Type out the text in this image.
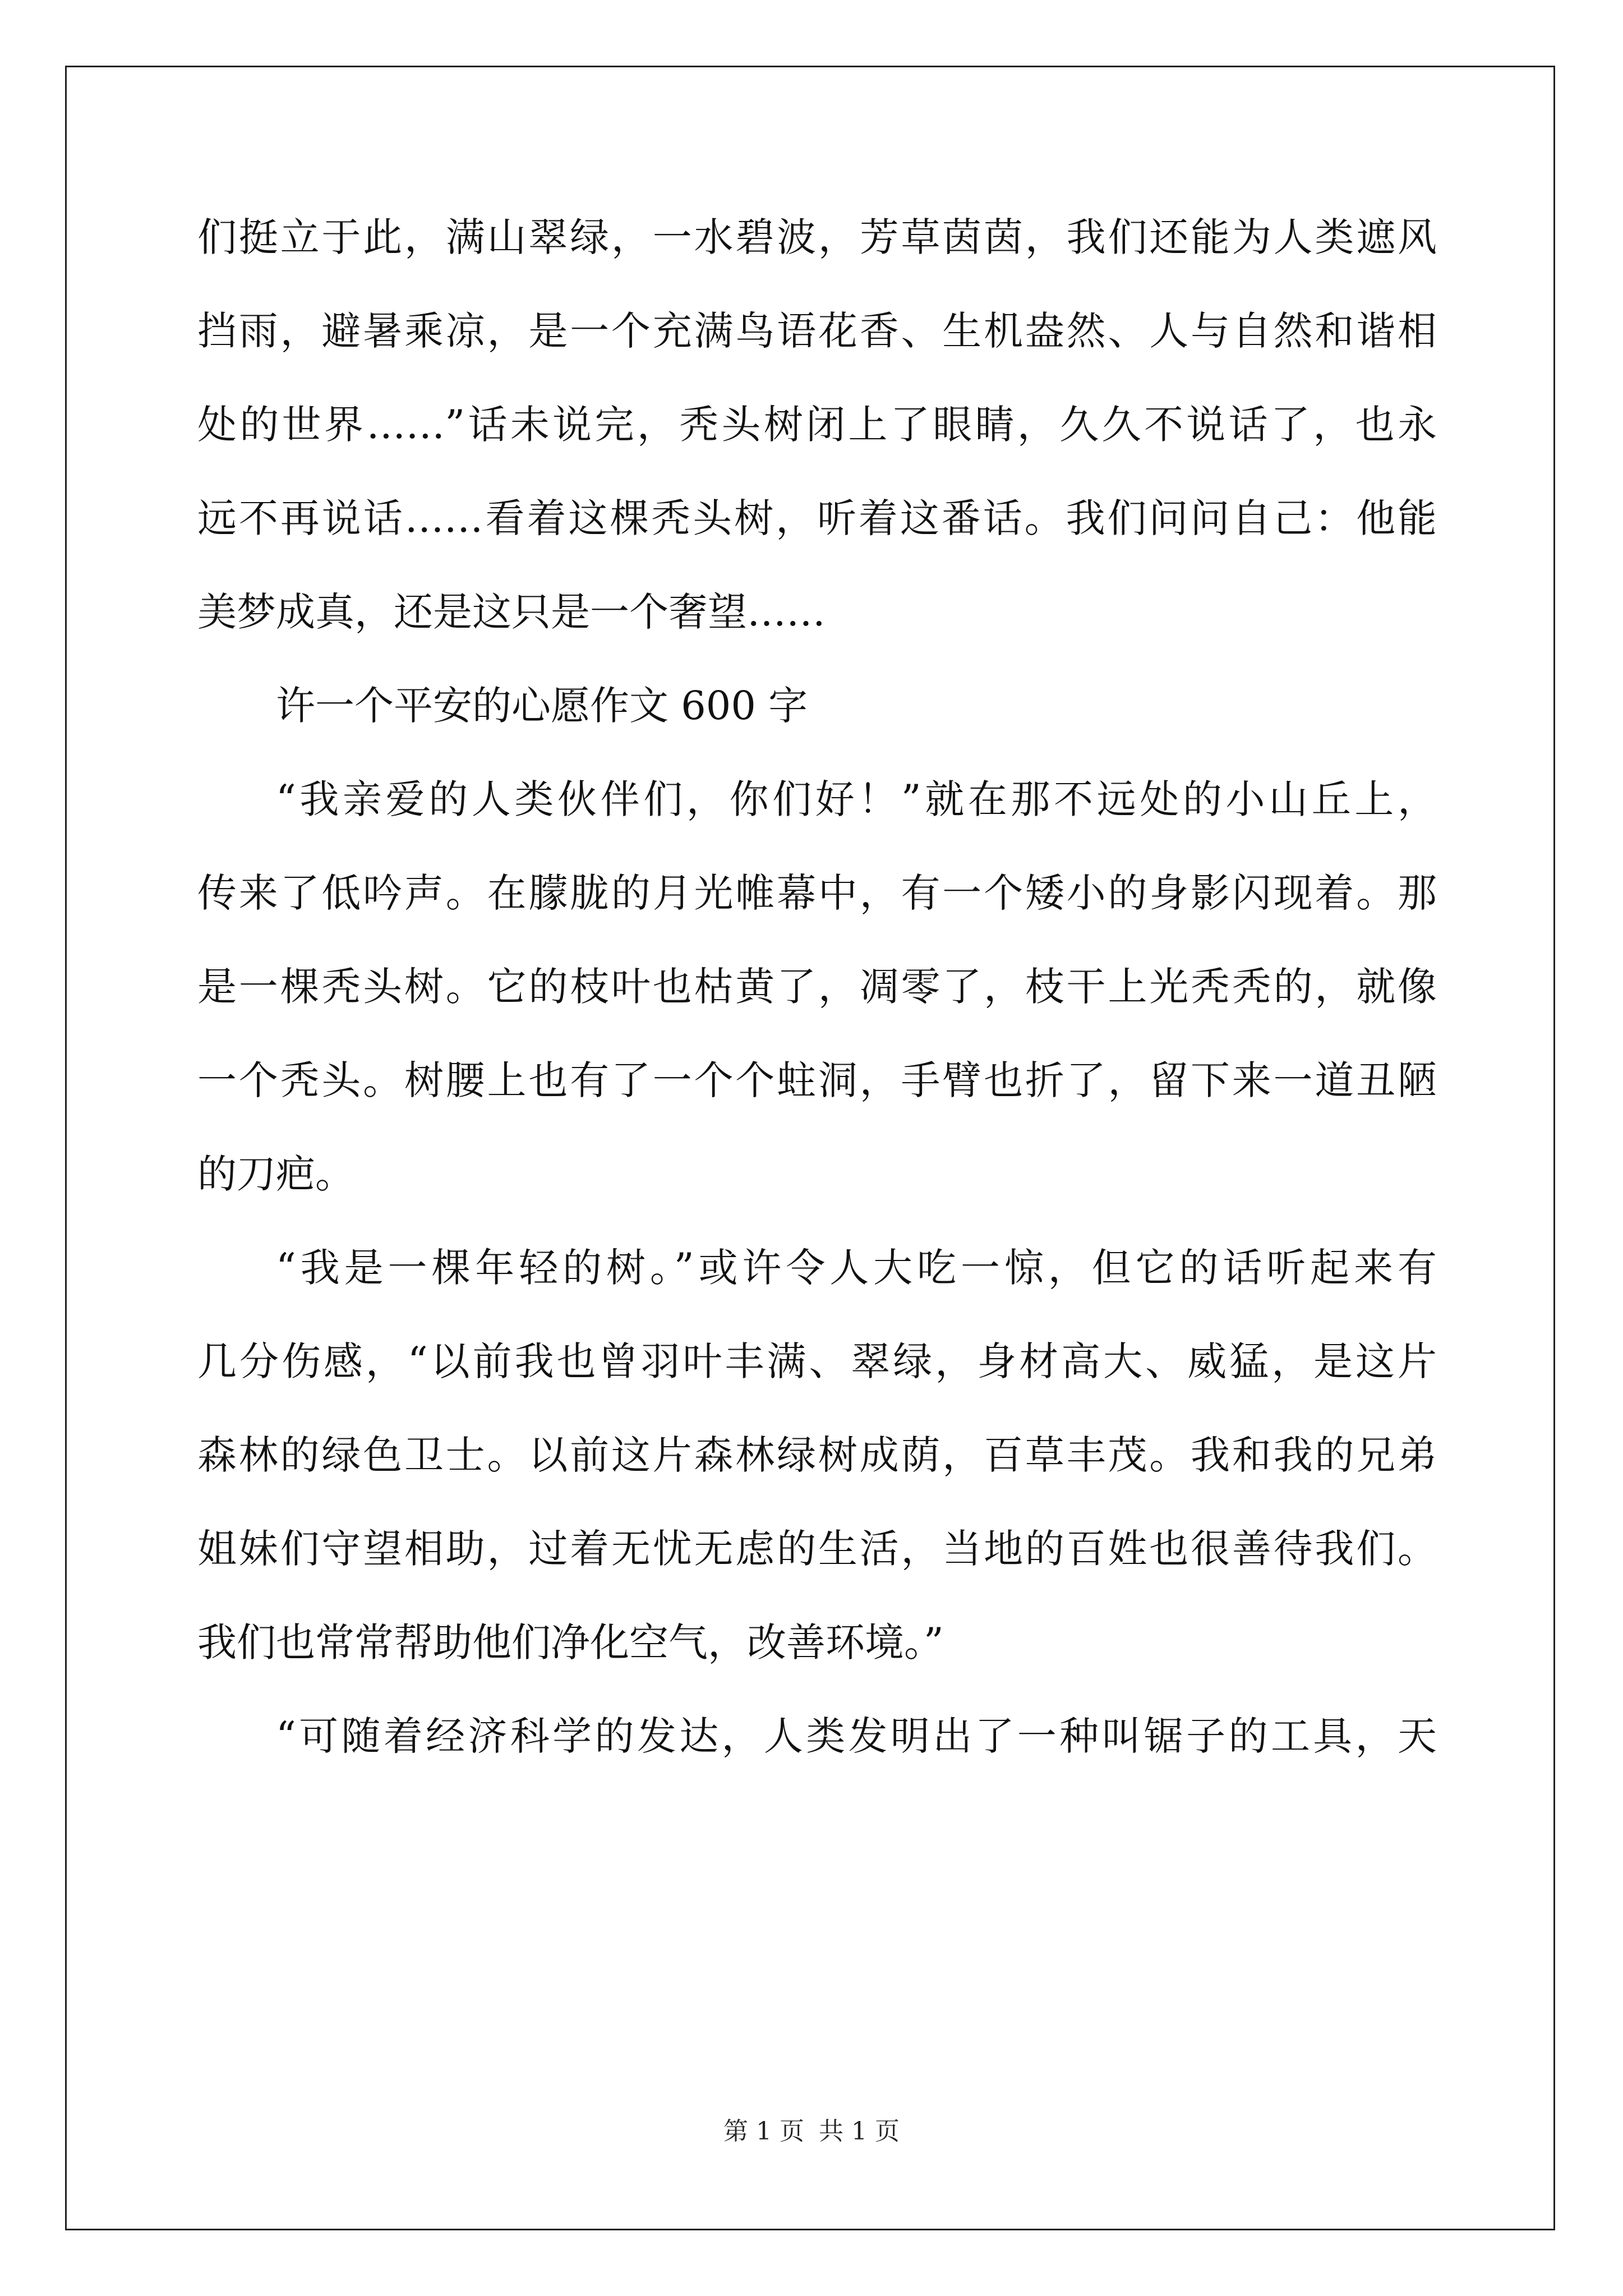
们挺立于此，满山翠绿，一水碧波，芳草茵茵，我们还能为人类遮风
挡雨，避暑乘凉，是一个充满鸟语花香、生机盎然、人与自然和谐相
处的世界……”话未说完，秃头树闭上了眼睛，久久不说话了，也永
远不再说话……看着这棵秃头树，听着这番话。我们问问自己：他能
美梦成真，还是这只是一个奢望……
许一个平安的心愿作文 600 字
“我亲爱的人类伙伴们，你们好！”就在那不远处的小山丘上，
传来了低吟声。在朦胧的月光帷幕中，有一个矮小的身影闪现着。那
是一棵秃头树。它的枝叶也枯黄了，凋零了，枝干上光秃秃的，就像
一个秃头。树腰上也有了一个个蛀洞，手臂也折了，留下来一道丑陋
的刀疤。
“我是一棵年轻的树。”或许令人大吃一惊，但它的话听起来有
几分伤感，“以前我也曾羽叶丰满、翠绿，身材高大、威猛，是这片
森林的绿色卫士。以前这片森林绿树成荫，百草丰茂。我和我的兄弟
姐妹们守望相助，过着无忧无虑的生活，当地的百姓也很善待我们。
我们也常常帮助他们净化空气，改善环境。”
“可随着经济科学的发达，人类发明出了一种叫锯子的工具，天
第 1 页 共 1 页
